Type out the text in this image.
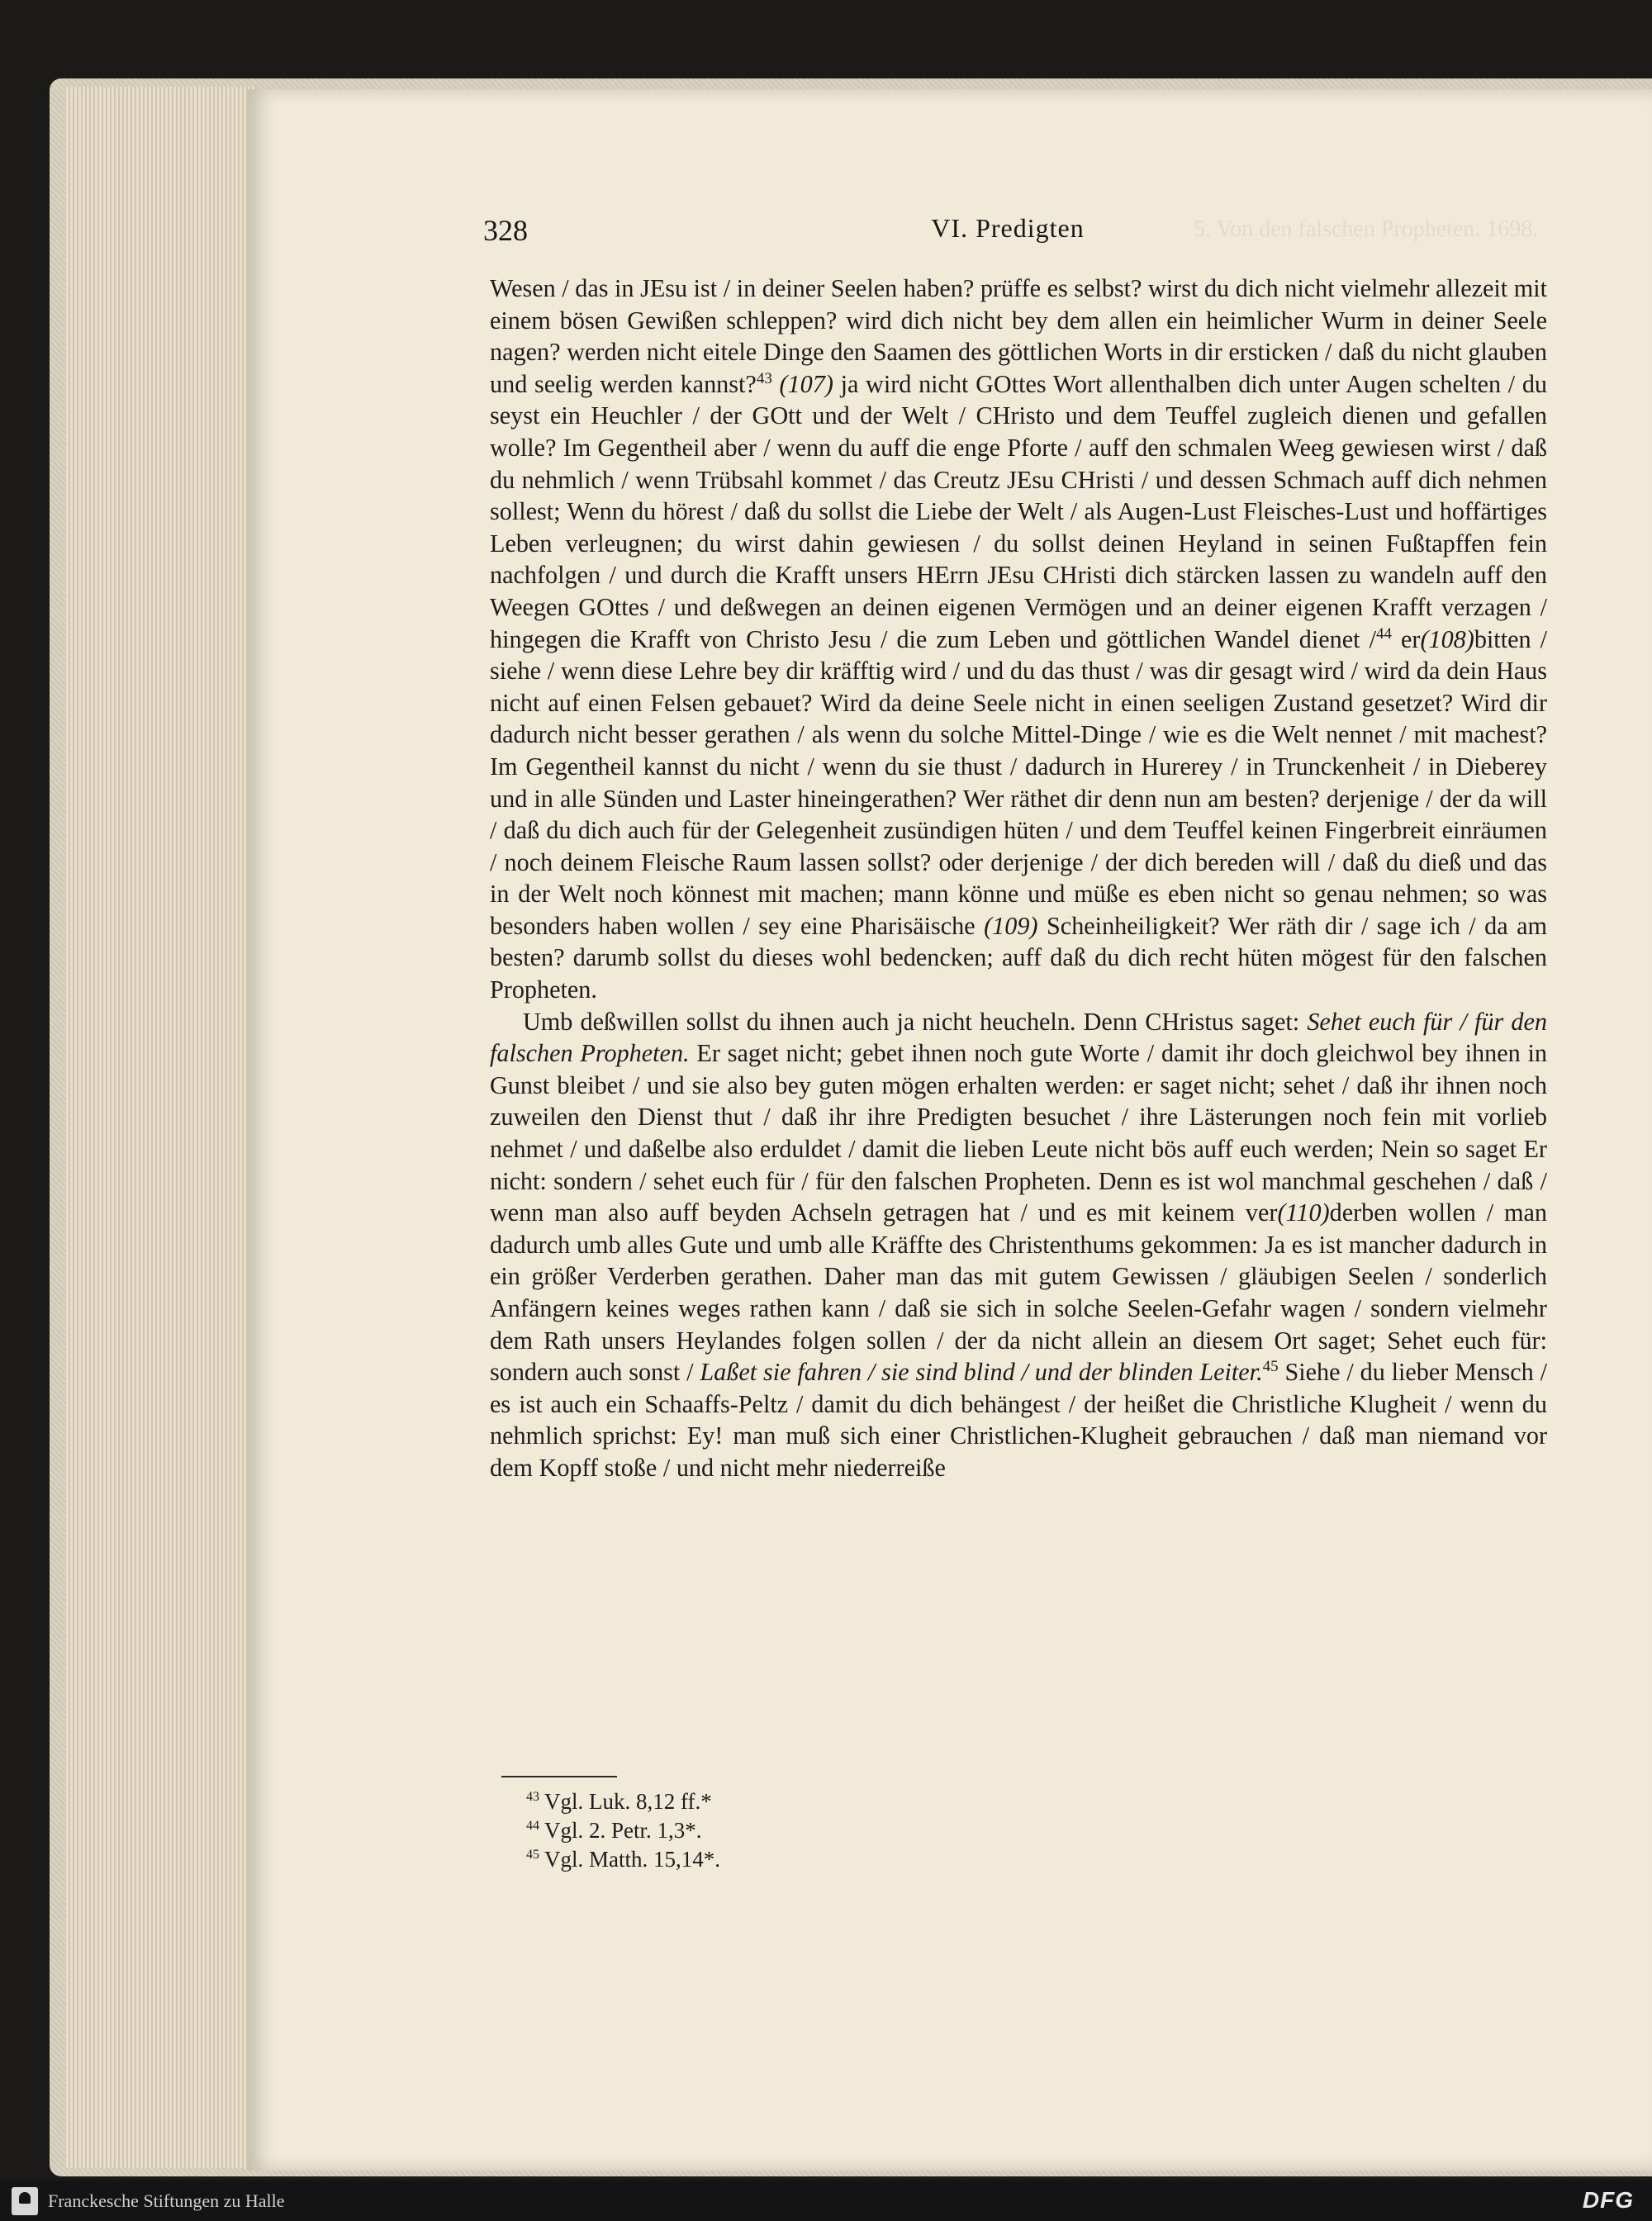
5. Von den falschen Propheten. 1698.
328	VI. Predigten

Wesen / das in JEsu ist / in deiner Seelen haben? prüffe es selbst? wirst du dich nicht vielmehr allezeit mit einem bösen Gewißen schleppen? wird dich nicht bey dem allen ein heimlicher Wurm in deiner Seele nagen? werden nicht eitele Dinge den Saamen des göttlichen Worts in dir ersticken / daß du nicht glauben und seelig werden kannst?$^{43}$ (107) ja wird nicht GOttes Wort allenthalben dich unter Augen schelten / du seyst ein Heuchler / der GOtt und der Welt / CHristo und dem Teuffel zugleich dienen und gefallen wolle? Im Gegentheil aber / wenn du auff die enge Pforte / auff den schmalen Weeg gewiesen wirst / daß du nehmlich / wenn Trübsahl kommet / das Creutz JEsu CHristi / und dessen Schmach auff dich nehmen sollest; Wenn du hörest / daß du sollst die Liebe der Welt / als Augen-Lust Fleisches-Lust und hoffärtiges Leben verleugnen; du wirst dahin gewiesen / du sollst deinen Heyland in seinen Fußtapffen fein nachfolgen / und durch die Krafft unsers HErrn JEsu CHristi dich stärcken lassen zu wandeln auff den Weegen GOttes / und deßwegen an deinen eigenen Vermögen und an deiner eigenen Krafft verzagen / hingegen die Krafft von Christo Jesu / die zum Leben und göttlichen Wandel dienet /$^{44}$ er(108)bitten / siehe / wenn diese Lehre bey dir kräfftig wird / und du das thust / was dir gesagt wird / wird da dein Haus nicht auf einen Felsen gebauet? Wird da deine Seele nicht in einen seeligen Zustand gesetzet? Wird dir dadurch nicht besser gerathen / als wenn du solche Mittel-Dinge / wie es die Welt nennet / mit machest? Im Gegentheil kannst du nicht / wenn du sie thust / dadurch in Hurerey / in Trunckenheit / in Dieberey und in alle Sünden und Laster hineingerathen? Wer räthet dir denn nun am besten? derjenige / der da will / daß du dich auch für der Gelegenheit zusündigen hüten / und dem Teuffel keinen Fingerbreit einräumen / noch deinem Fleische Raum lassen sollst? oder derjenige / der dich bereden will / daß du dieß und das in der Welt noch könnest mit machen; mann könne und müße es eben nicht so genau nehmen; so was besonders haben wollen / sey eine Pharisäische (109) Scheinheiligkeit? Wer räth dir / sage ich / da am besten? darumb sollst du dieses wohl bedencken; auff daß du dich recht hüten mögest für den falschen Propheten.

Umb deßwillen sollst du ihnen auch ja nicht heucheln. Denn CHristus saget: Sehet euch für / für den falschen Propheten. Er saget nicht; gebet ihnen noch gute Worte / damit ihr doch gleichwol bey ihnen in Gunst bleibet / und sie also bey guten mögen erhalten werden: er saget nicht; sehet / daß ihr ihnen noch zuweilen den Dienst thut / daß ihr ihre Predigten besuchet / ihre Lästerungen noch fein mit vorlieb nehmet / und daßelbe also erduldet / damit die lieben Leute nicht bös auff euch werden; Nein so saget Er nicht: sondern / sehet euch für / für den falschen Propheten. Denn es ist wol manchmal geschehen / daß / wenn man also auff beyden Achseln getragen hat / und es mit keinem ver(110)derben wollen / man dadurch umb alles Gute und umb alle Kräffte des Christenthums gekommen: Ja es ist mancher dadurch in ein größer Verderben gerathen. Daher man das mit gutem Gewissen / gläubigen Seelen / sonderlich Anfängern keines weges rathen kann / daß sie sich in solche Seelen-Gefahr wagen / sondern vielmehr dem Rath unsers Heylandes folgen sollen / der da nicht allein an diesem Ort saget; Sehet euch für: sondern auch sonst / Laßet sie fahren / sie sind blind / und der blinden Leiter.$^{45}$ Siehe / du lieber Mensch / es ist auch ein Schaaffs-Peltz / damit du dich behängest / der heißet die Christliche Klugheit / wenn du nehmlich sprichst: Ey! man muß sich einer Christlichen-Klugheit gebrauchen / daß man niemand vor dem Kopff stoße / und nicht mehr niederreiße

$^{43}$ Vgl. Luk. 8,12 ff.*
$^{44}$ Vgl. 2. Petr. 1,3*.
$^{45}$ Vgl. Matth. 15,14*.
Franckesche Stiftungen zu Halle	DFG
